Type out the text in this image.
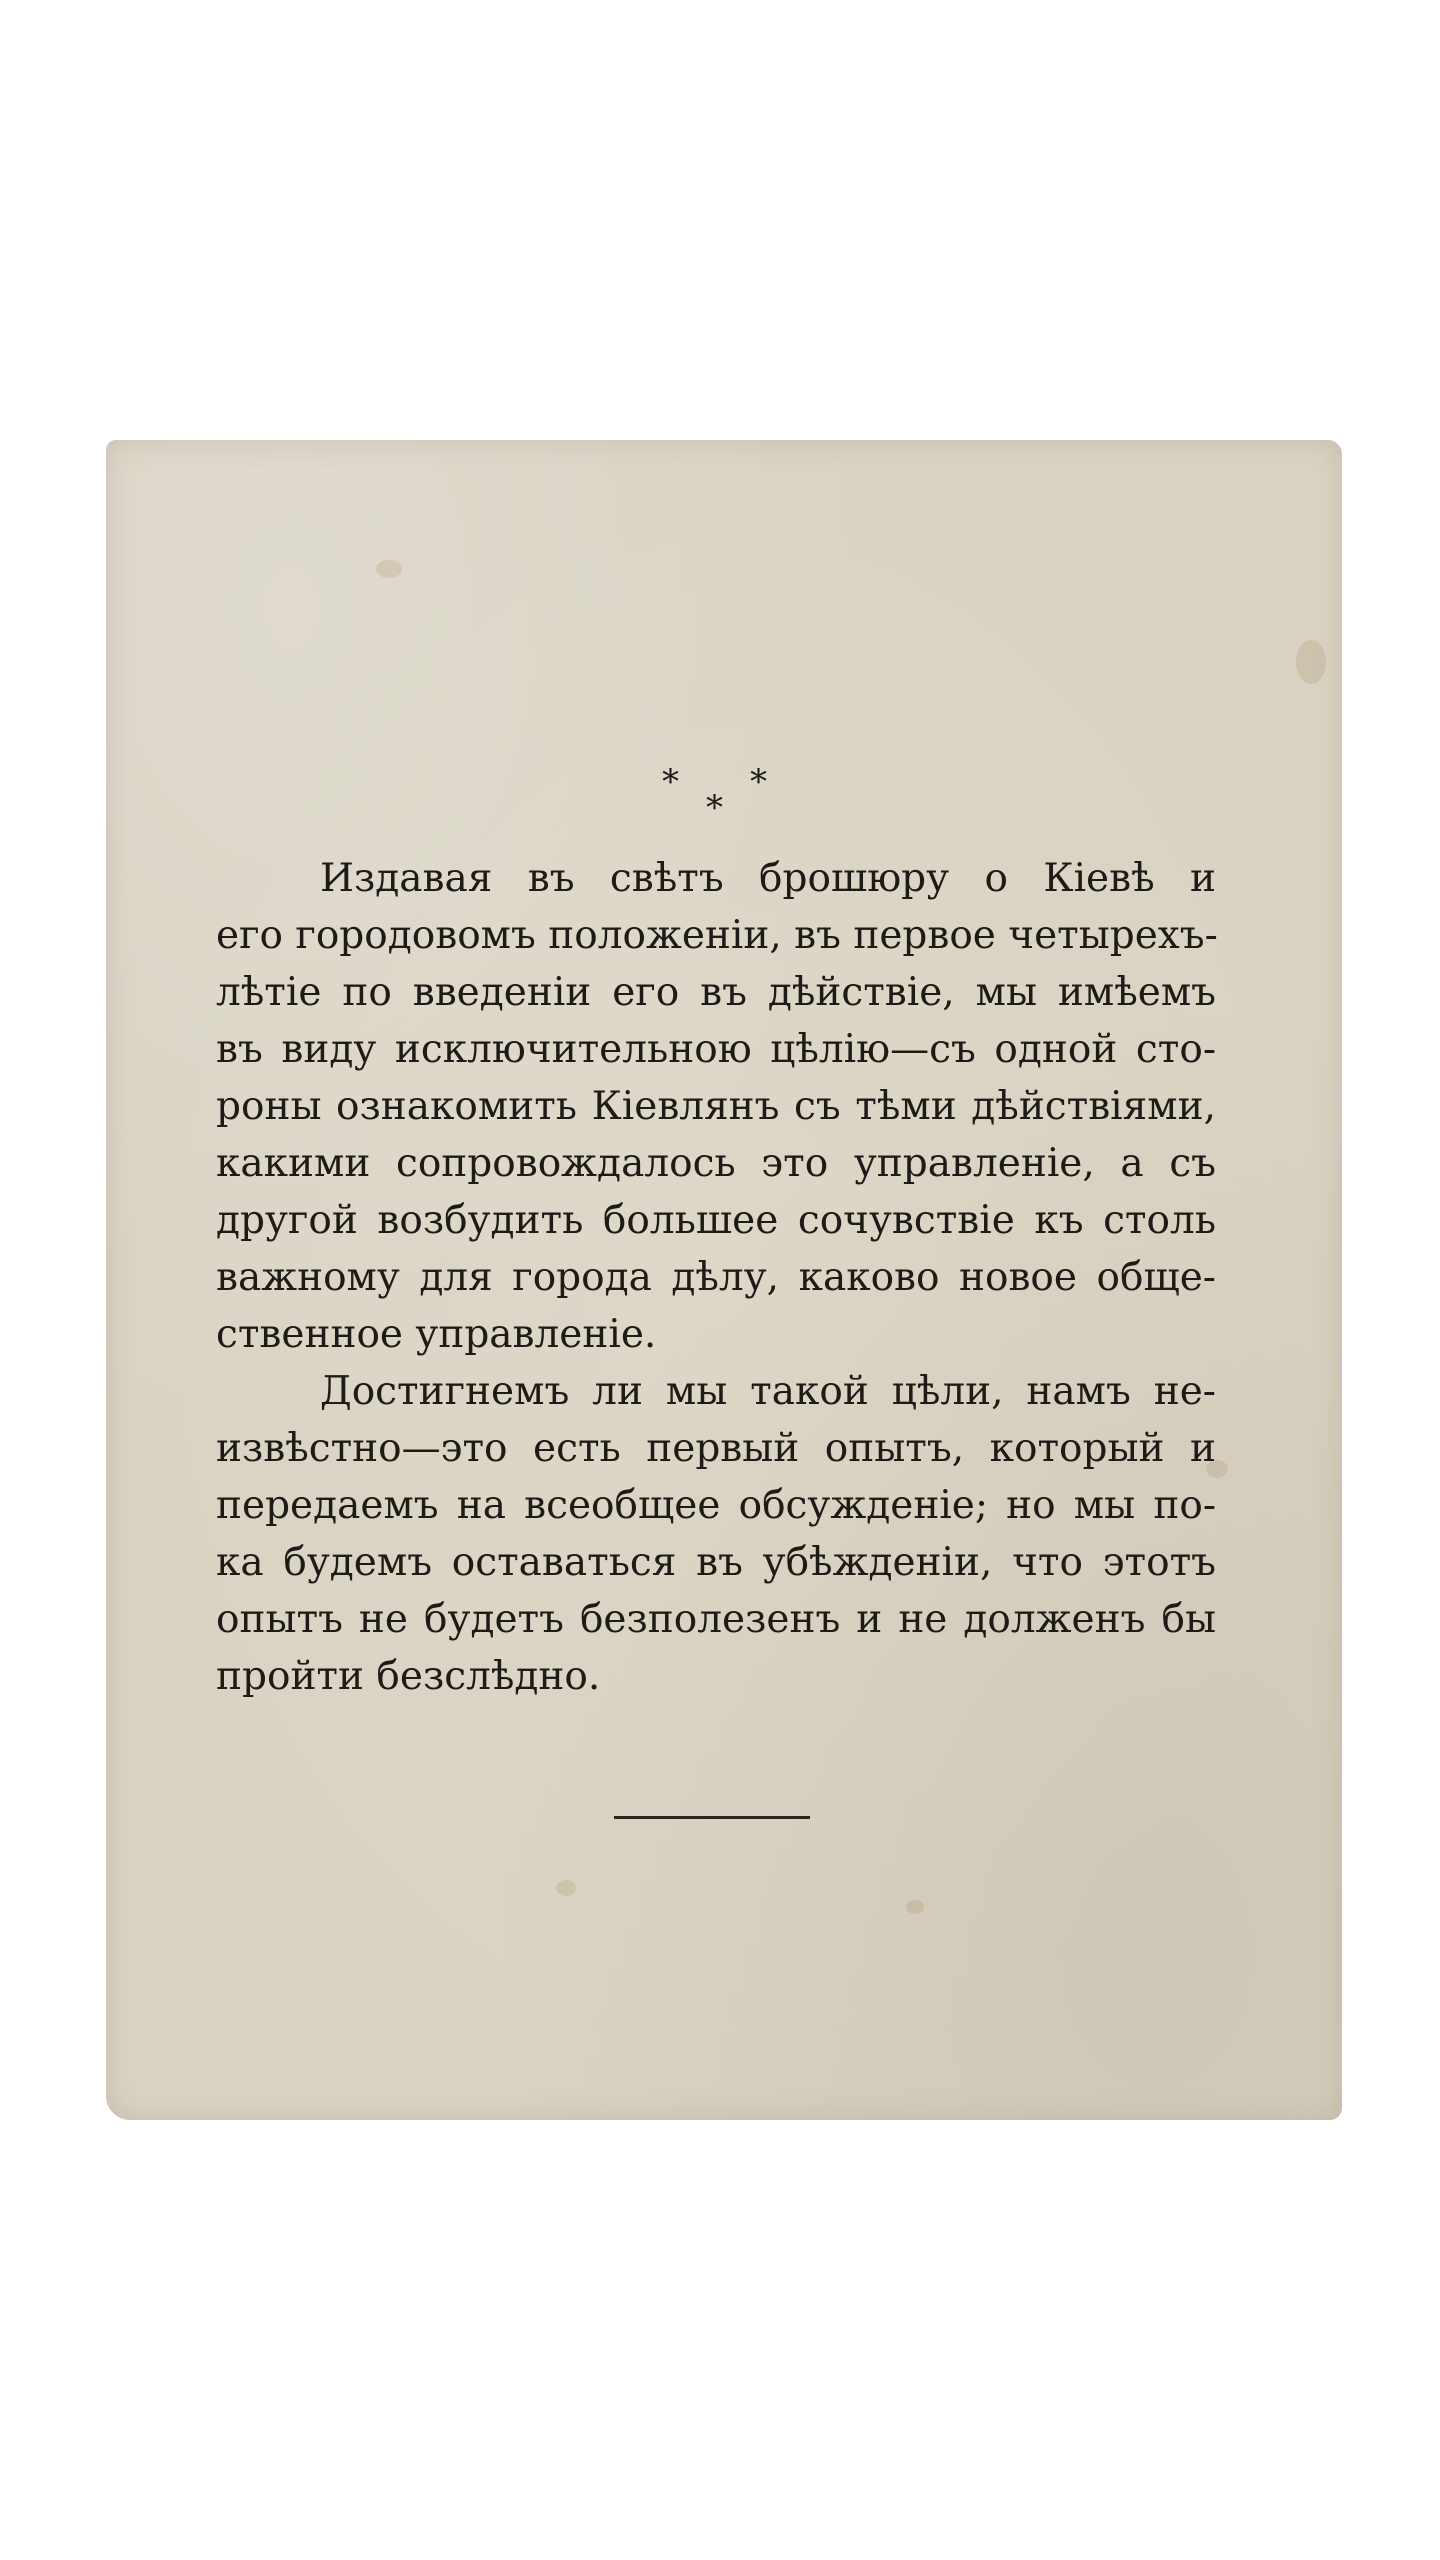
*
*
*
Издавая въ свѣтъ брошюру о Кіевѣ и
его городовомъ положеніи, въ первое четырехъ-
лѣтіе по введеніи его въ дѣйствіе, мы имѣемъ
въ виду исключительною цѣлію—съ одной сто-
роны ознакомить Кіевлянъ съ тѣми дѣйствіями,
какими сопровождалось это управленіе, а съ
другой возбудить большее сочувствіе къ столь
важному для города дѣлу, каково новое обще-
ственное управленіе.
Достигнемъ ли мы такой цѣли, намъ не-
извѣстно—это есть первый опытъ, который и
передаемъ на всеобщее обсужденіе; но мы по-
ка будемъ оставаться въ убѣжденіи, что этотъ
опытъ не будетъ безполезенъ и не долженъ бы
пройти безслѣдно.
